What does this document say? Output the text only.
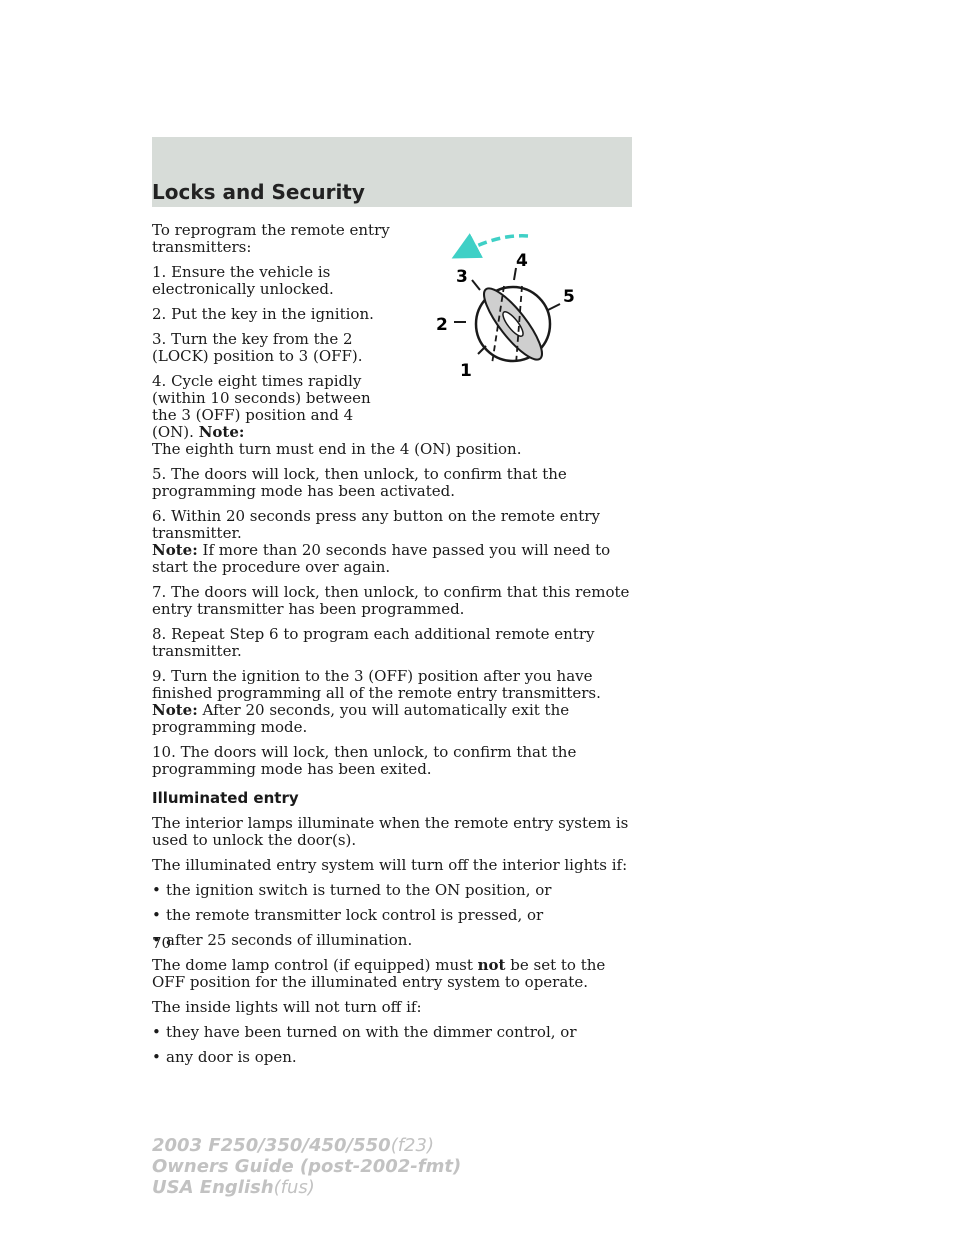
Locks and Security
3
4
5
2
1

To reprogram the remote entry transmitters:

1. Ensure the vehicle is electronically unlocked.

2. Put the key in the ignition.

3. Turn the key from the 2 (LOCK) position to 3 (OFF).

4. Cycle eight times rapidly (within 10 seconds) between the 3 (OFF) position and 4 (ON). Note:
The eighth turn must end in the 4 (ON) position.

5. The doors will lock, then unlock, to confirm that the programming mode has been activated.

6. Within 20 seconds press any button on the remote entry transmitter.
Note: If more than 20 seconds have passed you will need to start the procedure over again.

7. The doors will lock, then unlock, to confirm that this remote entry transmitter has been programmed.

8. Repeat Step 6 to program each additional remote entry transmitter.

9. Turn the ignition to the 3 (OFF) position after you have finished programming all of the remote entry transmitters. Note: After 20 seconds, you will automatically exit the programming mode.

10. The doors will lock, then unlock, to confirm that the programming mode has been exited.

Illuminated entry

The interior lamps illuminate when the remote entry system is used to unlock the door(s).

The illuminated entry system will turn off the interior lights if:

• the ignition switch is turned to the ON position, or
• the remote transmitter lock control is pressed, or
• after 25 seconds of illumination.

The dome lamp control (if equipped) must not be set to the OFF position for the illuminated entry system to operate.

The inside lights will not turn off if:

• they have been turned on with the dimmer control, or
• any door is open.
70
2003 F250/350/450/550(f23)
Owners Guide (post-2002-fmt)
USA English(fus)
